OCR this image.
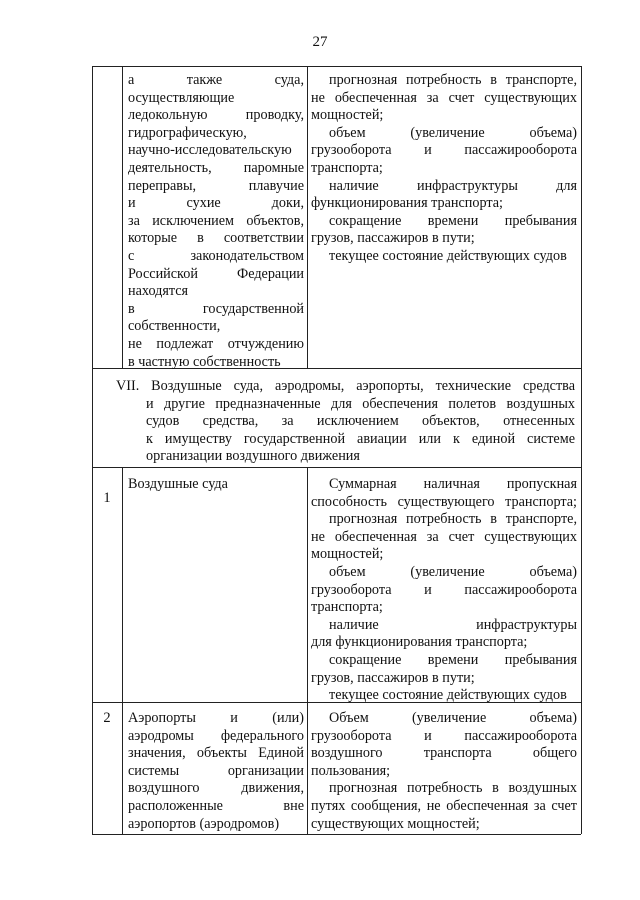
27
а также суда,
осуществляющие
ледокольную проводку,
гидрографическую,
научно-исследовательскую
деятельность, паромные
переправы, плавучие
и сухие доки,
за исключением объектов,
которые в соответствии
с законодательством
Российской Федерации
находятся
в государственной
собственности,
не подлежат отчуждению
в частную собственность
прогнозная потребность в транспорте,
не обеспеченная за счет существующих
мощностей;
объем (увеличение объема)
грузооборота и пассажирооборота
транспорта;
наличие инфраструктуры для
функционирования транспорта;
сокращение времени пребывания
грузов, пассажиров в пути;
текущее состояние действующих судов
VII. Воздушные суда, аэродромы, аэропорты, технические средства
и другие предназначенные для обеспечения полетов воздушных
судов средства, за исключением объектов, отнесенных
к имуществу государственной авиации или к единой системе
организации воздушного движения
1
Воздушные суда	Суммарная наличная пропускная
способность существующего транспорта;
прогнозная потребность в транспорте,
не обеспеченная за счет существующих
мощностей;
объем (увеличение объема)
грузооборота и пассажирооборота
транспорта;
наличие инфраструктуры
для функционирования транспорта;
сокращение времени пребывания
грузов, пассажиров в пути;
текущее состояние действующих судов
2	Аэропорты и (или)
аэродромы федерального
значения, объекты Единой
системы организации
воздушного движения,
расположенные вне
аэропортов (аэродромов)
Объем (увеличение объема)
грузооборота и пассажирооборота
воздушного транспорта общего
пользования;
прогнозная потребность в воздушных
путях сообщения, не обеспеченная за счет
существующих мощностей;
